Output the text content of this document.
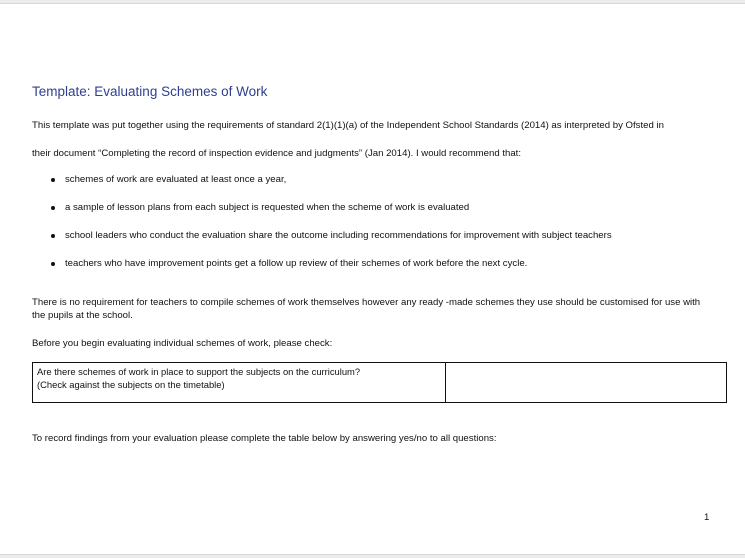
Template: Evaluating Schemes of Work
This template was put together using the requirements of standard 2(1)(1)(a) of the Independent School Standards (2014) as interpreted by Ofsted in
their document “Completing the record of inspection evidence and judgments” (Jan 2014). I would recommend that:
schemes of work are evaluated at least once a year,
a sample of lesson plans from each subject is requested when the scheme of work is evaluated
school leaders who conduct the evaluation share the outcome including recommendations for improvement with subject teachers
teachers who have improvement points get a follow up review of their schemes of work before the next cycle.
There is no requirement for teachers to compile schemes of work themselves however any ready -made schemes they use should be customised for use with the pupils at the school.
Before you begin evaluating individual schemes of work, please check:
Are there schemes of work in place to support the subjects on the curriculum?
(Check against the subjects on the timetable)
To record findings from your evaluation please complete the table below by answering yes/no to all questions:
1
